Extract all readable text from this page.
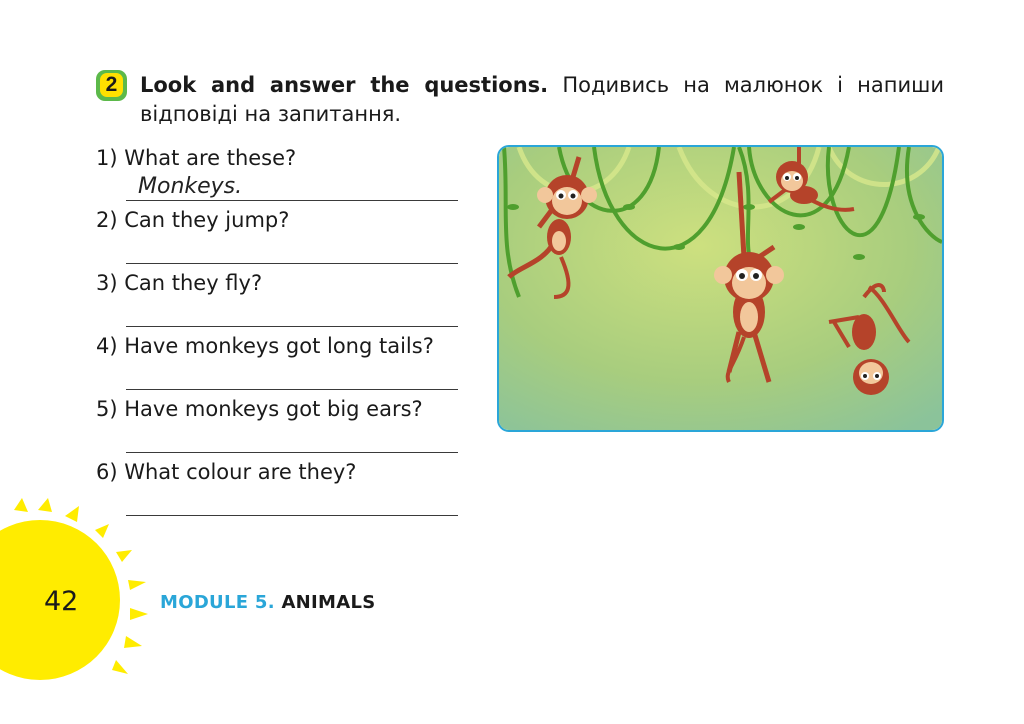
2 Look and answer the questions. Подивись на малюнок і напиши відповіді на запитання.
1) What are these?
Monkeys.
2) Can they jump?
3) Can they fly?
4) Have monkeys got long tails?
5) Have monkeys got big ears?
6) What colour are they?
42	MODULE 5. ANIMALS
